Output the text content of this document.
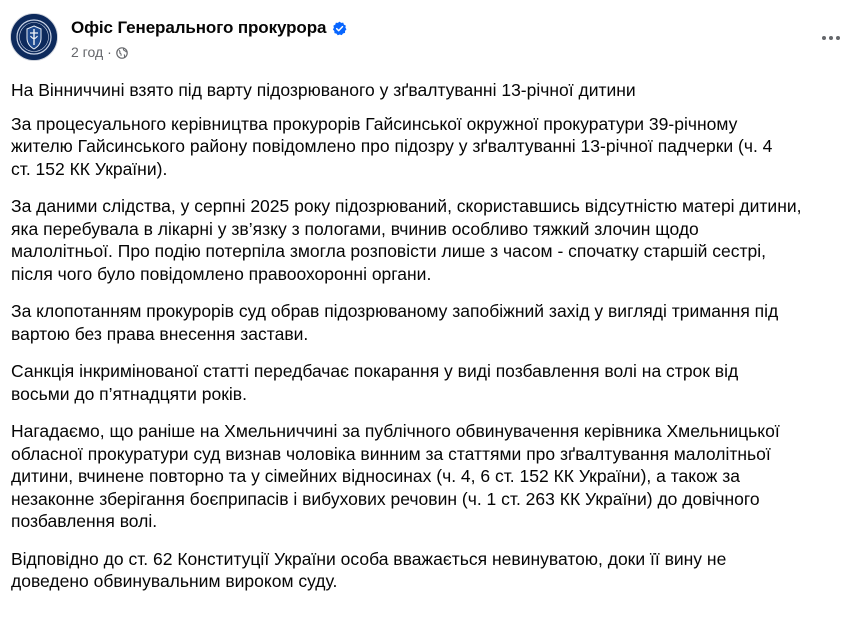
Офіс Генерального прокурора
2 год ·

На Вінниччині взято під варту підозрюваного у зґвалтуванні 13-річної дитини

За процесуального керівництва прокурорів Гайсинської окружної прокуратури 39-річному
жителю Гайсинського району повідомлено про підозру у зґвалтуванні 13-річної падчерки (ч. 4
ст. 152 КК України).

За даними слідства, у серпні 2025 року підозрюваний, скориставшись відсутністю матері дитини,
яка перебувала в лікарні у зв’язку з пологами, вчинив особливо тяжкий злочин щодо
малолітньої. Про подію потерпіла змогла розповісти лише з часом - спочатку старшій сестрі,
після чого було повідомлено правоохоронні органи.

За клопотанням прокурорів суд обрав підозрюваному запобіжний захід у вигляді тримання під
вартою без права внесення застави.

Санкція інкримінованої статті передбачає покарання у виді позбавлення волі на строк від
восьми до п’ятнадцяти років.

Нагадаємо, що раніше на Хмельниччині за публічного обвинувачення керівника Хмельницької
обласної прокуратури суд визнав чоловіка винним за статтями про зґвалтування малолітньої
дитини, вчинене повторно та у сімейних відносинах (ч. 4, 6 ст. 152 КК України), а також за
незаконне зберігання боєприпасів і вибухових речовин (ч. 1 ст. 263 КК України) до довічного
позбавлення волі.

Відповідно до ст. 62 Конституції України особа вважається невинуватою, доки її вину не
доведено обвинувальним вироком суду.
